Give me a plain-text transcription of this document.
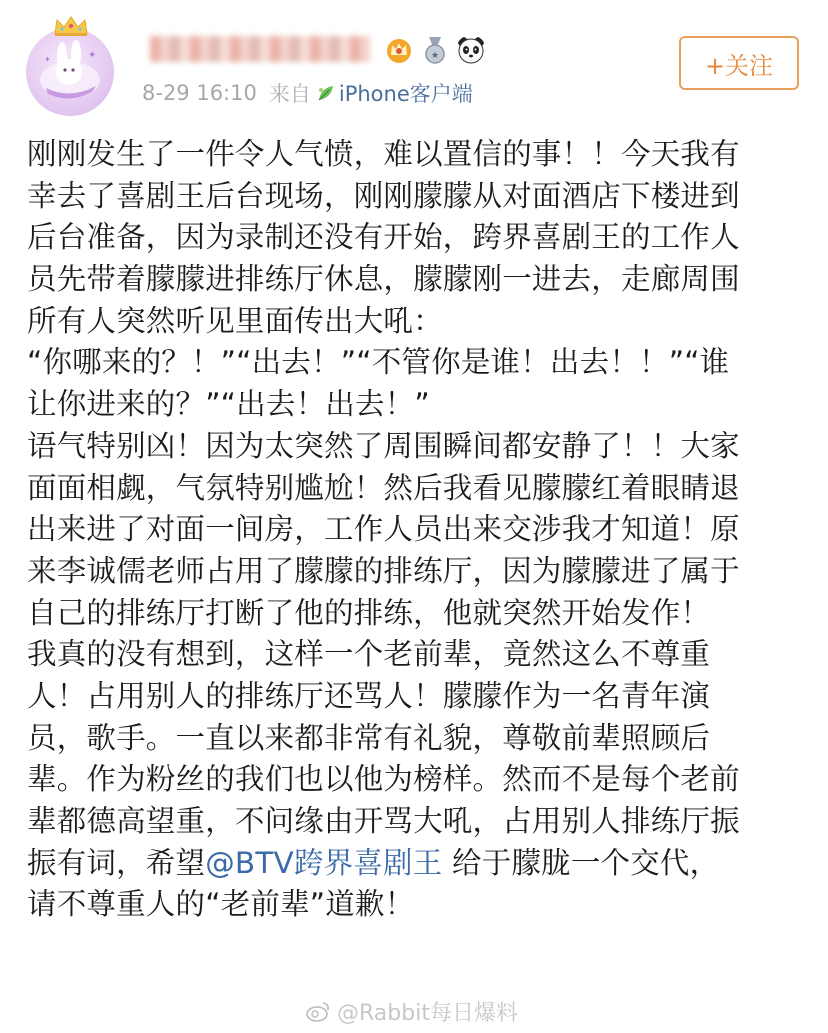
✦
✦	★
8-29 16:10 来自 iPhone客户端
+关注
刚刚发生了一件令人气愤，难以置信的事！！今天我有
幸去了喜剧王后台现场，刚刚朦朦从对面酒店下楼进到
后台准备，因为录制还没有开始，跨界喜剧王的工作人
员先带着朦朦进排练厅休息，朦朦刚一进去，走廊周围
所有人突然听见里面传出大吼：
“你哪来的？！”“出去！”“不管你是谁！出去！！”“谁
让你进来的？”“出去！出去！”
语气特别凶！因为太突然了周围瞬间都安静了！！大家
面面相觑，气氛特别尴尬！然后我看见朦朦红着眼睛退
出来进了对面一间房，工作人员出来交涉我才知道！原
来李诚儒老师占用了朦朦的排练厅，因为朦朦进了属于
自己的排练厅打断了他的排练，他就突然开始发作！
我真的没有想到，这样一个老前辈，竟然这么不尊重
人！占用别人的排练厅还骂人！朦朦作为一名青年演
员，歌手。一直以来都非常有礼貌，尊敬前辈照顾后
辈。作为粉丝的我们也以他为榜样。然而不是每个老前
辈都德高望重，不问缘由开骂大吼，占用别人排练厅振
振有词，希望@BTV跨界喜剧王 给于朦胧一个交代，
请不尊重人的“老前辈”道歉！
@Rabbit每日爆料
